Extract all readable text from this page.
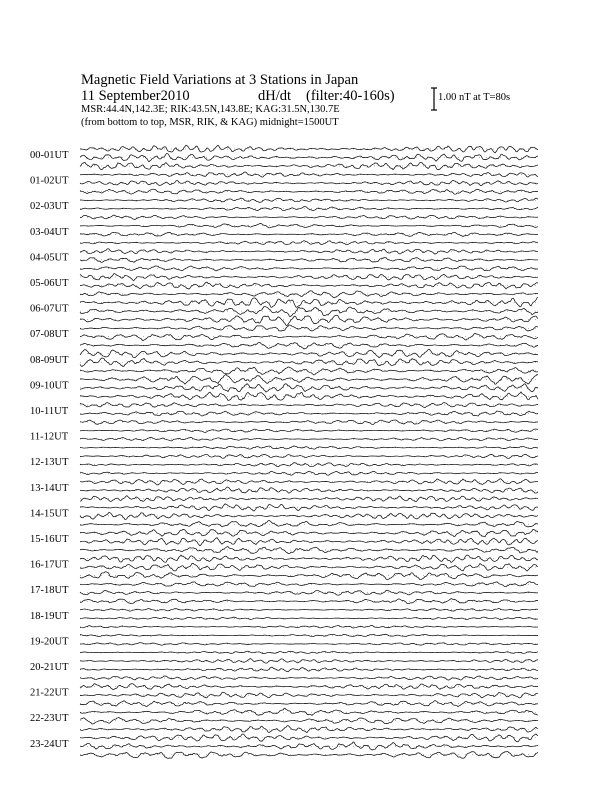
Magnetic Field Variations at 3 Stations in Japan
11 September2010	dH/dt (filter:40-160s)
MSR:44.4N,142.3E; RIK:43.5N,143.8E; KAG:31.5N,130.7E
(from bottom to top, MSR, RIK, & KAG) midnight=1500UT
1.00 nT at T=80s
00-01UT
01-02UT
02-03UT
03-04UT
04-05UT
05-06UT
06-07UT
07-08UT
08-09UT
09-10UT
10-11UT
11-12UT
12-13UT
13-14UT
14-15UT
15-16UT
16-17UT
17-18UT
18-19UT
19-20UT
20-21UT
21-22UT
22-23UT
23-24UT
